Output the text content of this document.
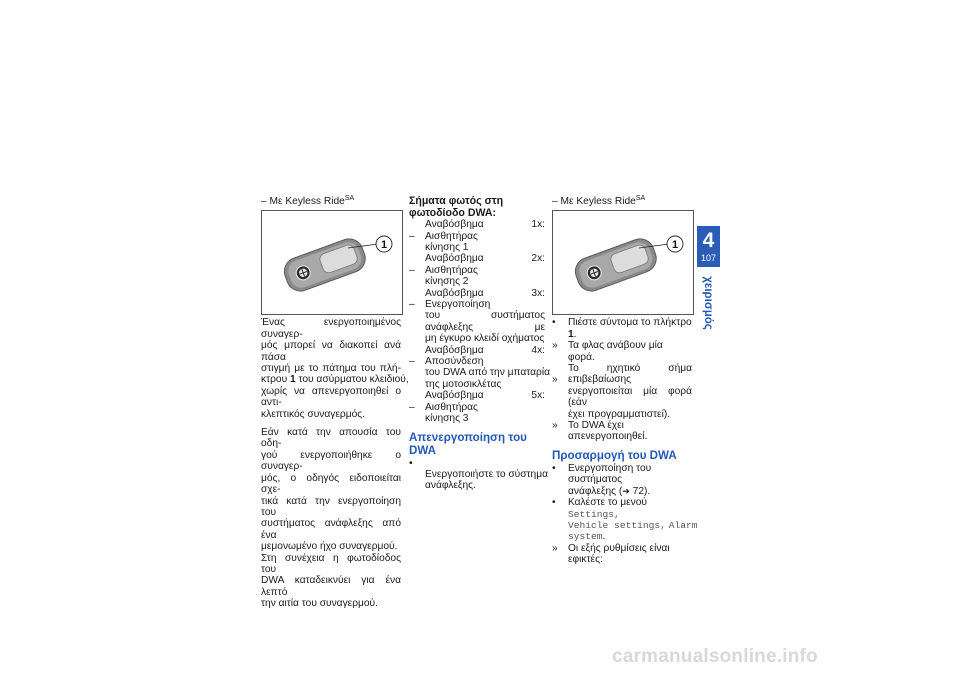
– Με Keyless Ride$^{SA}$
1
Ένας ενεργοποιημένος συναγερ-
μός μπορεί να διακοπεί ανά πάσα
στιγμή με το πάτημα του πλή-
κτρου 1 του ασύρματου κλειδιού,
χωρίς να απενεργοποιηθεί ο αντι-
κλεπτικός συναγερμός.
Εάν κατά την απουσία του οδη-
γού ενεργοποιήθηκε ο συναγερ-
μός, ο οδηγός ειδοποιείται σχε-
τικά κατά την ενεργοποίηση του
συστήματος ανάφλεξης από ένα
μεμονωμένο ήχο συναγερμού.
Στη συνέχεια η φωτοδίοδος του
DWA καταδεικνύει για ένα λεπτό
την αιτία του συναγερμού.
Σήματα φωτός στη
φωτοδίοδο DWA:
–Αναβόσβημα 1x: Αισθητήρας
κίνησης 1
–Αναβόσβημα 2x: Αισθητήρας
κίνησης 2
–Αναβόσβημα 3x: Ενεργοποίηση
του συστήματος ανάφλεξης με
μη έγκυρο κλειδί οχήματος
–Αναβόσβημα 4x: Αποσύνδεση
του DWA από την μπαταρία
της μοτοσικλέτας
–Αναβόσβημα 5x: Αισθητήρας
κίνησης 3
Απενεργοποίηση του DWA
•Ενεργοποιήστε το σύστημα
ανάφλεξης.
– Με Keyless Ride$^{SA}$
1
• Πιέστε σύντομα το πλήκτρο 1.
» Τα φλας ανάβουν μία φορά.
»Το ηχητικό σήμα επιβεβαίωσης
ενεργοποιείται μία φορά (εάν
έχει προγραμματιστεί).
» Το DWA έχει απενεργοποιηθεί.
Προσαρμογή του DWA
• Ενεργοποίηση του συστήματος
ανάφλεξης (➜ 72).
• Καλέστε το μενού Settings,
Vehicle settings, Alarm
system.
» Οι εξής ρυθμίσεις είναι εφικτές:
4
107
χειρισμός
carmanualsonline.info
